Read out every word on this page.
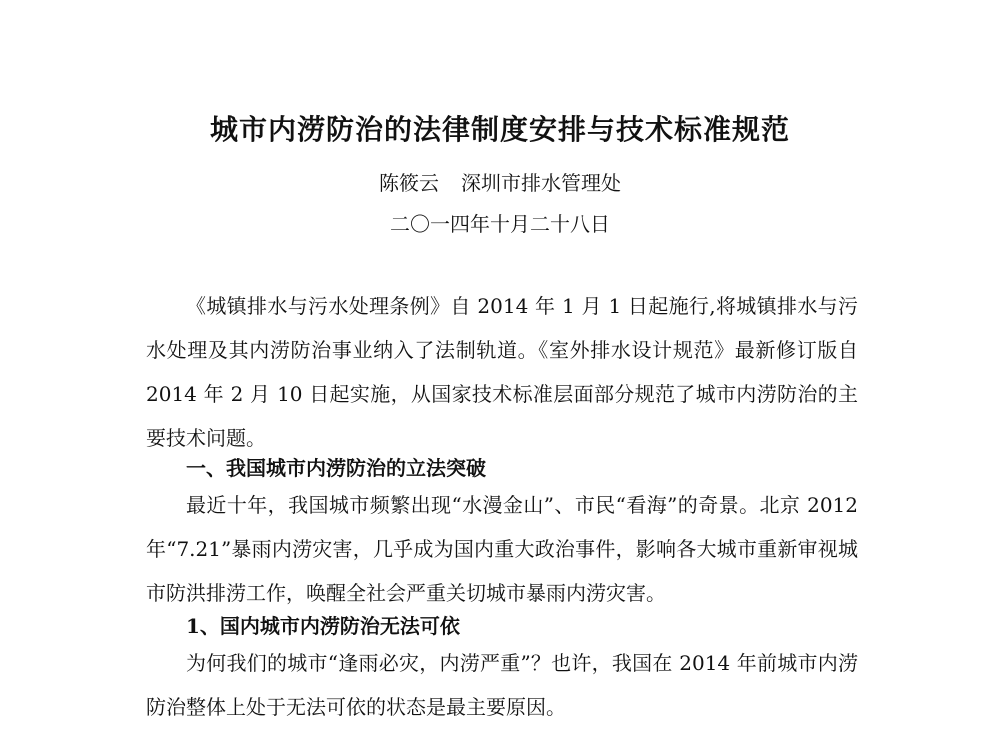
城市内涝防治的法律制度安排与技术标准规范
陈筱云 深圳市排水管理处
二〇一四年十月二十八日
《城镇排水与污水处理条例》自 2014 年 1 月 1 日起施行,将城镇排水与污水处理及其内涝防治事业纳入了法制轨道。《室外排水设计规范》最新修订版自 2014 年 2 月 10 日起实施，从国家技术标准层面部分规范了城市内涝防治的主要技术问题。
一、我国城市内涝防治的立法突破
最近十年，我国城市频繁出现“水漫金山”、市民“看海”的奇景。北京 2012 年“7.21”暴雨内涝灾害，几乎成为国内重大政治事件，影响各大城市重新审视城市防洪排涝工作，唤醒全社会严重关切城市暴雨内涝灾害。
1、国内城市内涝防治无法可依
为何我们的城市“逢雨必灾，内涝严重”？也许，我国在 2014 年前城市内涝防治整体上处于无法可依的状态是最主要原因。
